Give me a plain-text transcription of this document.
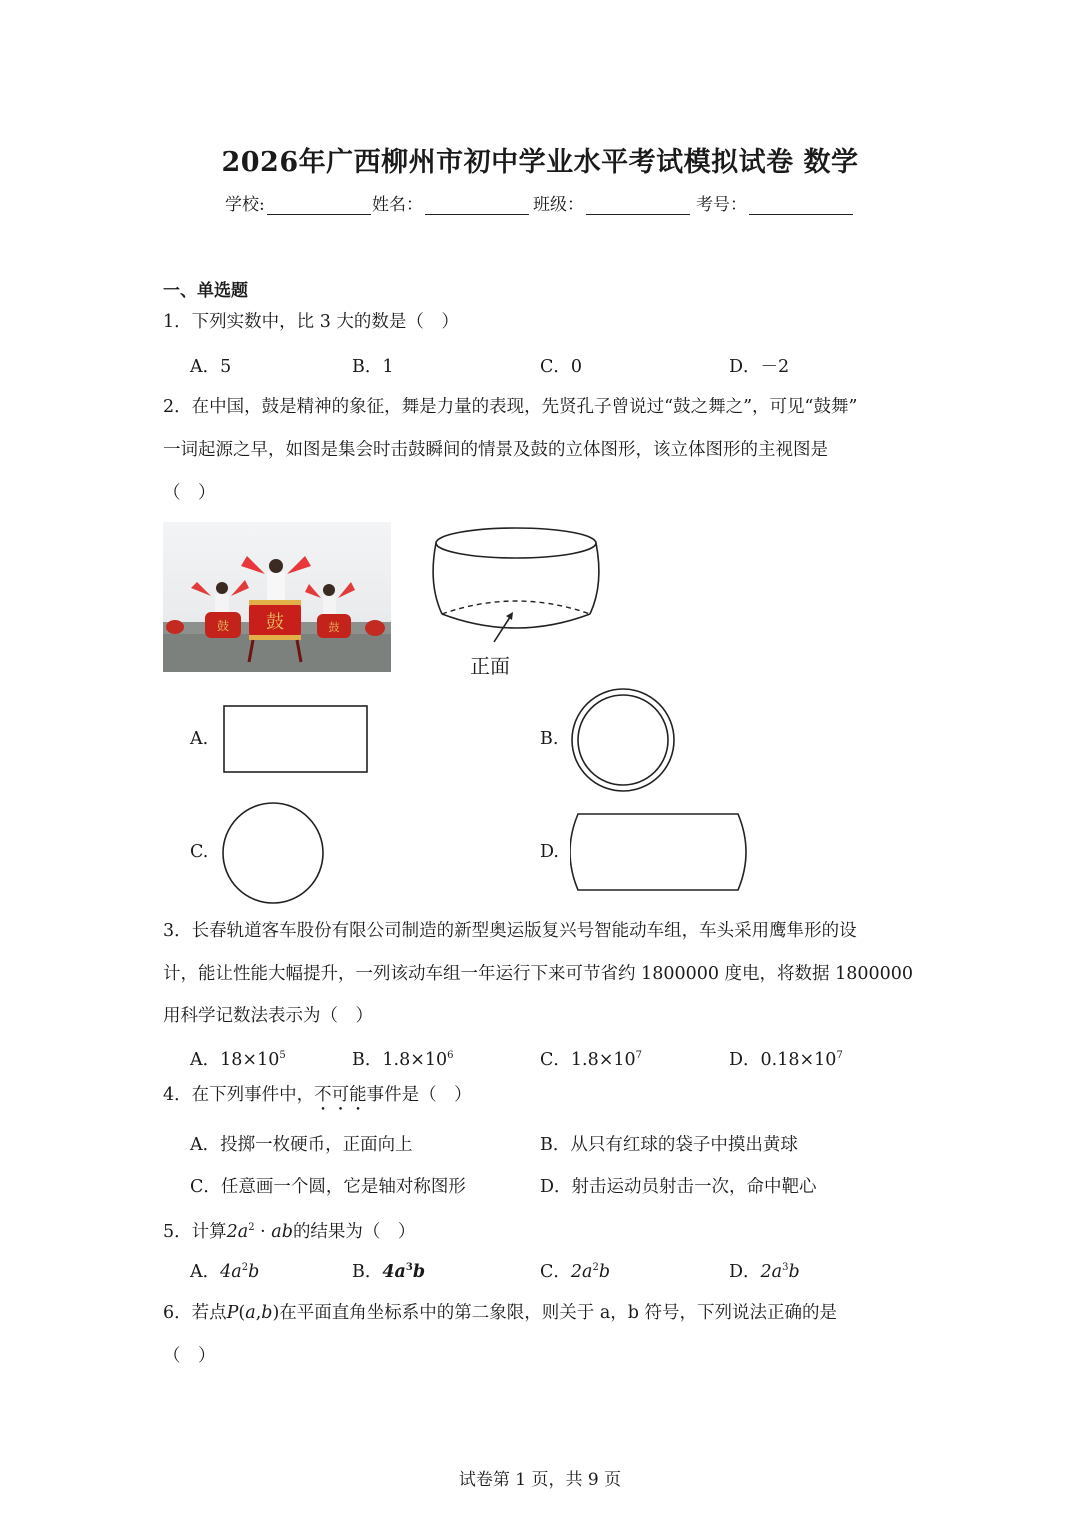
2026年广西柳州市初中学业水平考试模拟试卷 数学
学校:	姓名：	班级：	考号：
一、单选题
1．下列实数中，比 3 大的数是（　）
A．5	B．1	C．0	D．－2
2．在中国，鼓是精神的象征，舞是力量的表现，先贤孔子曾说过“鼓之舞之”，可见“鼓舞”
一词起源之早，如图是集会时击鼓瞬间的情景及鼓的立体图形，该立体图形的主视图是
（　）
鼓	鼓
鼓
正面
A.	B.
C.	D.
3．长春轨道客车股份有限公司制造的新型奥运版复兴号智能动车组，车头采用鹰隼形的设
计，能让性能大幅提升，一列该动车组一年运行下来可节省约 1800000 度电，将数据 1800000
用科学记数法表示为（　）
A．$18\times 10^5$	B．$1.8\times 10^6$	C．$1.8\times 10^7$	D．$0.18\times 10^7$
4．在下列事件中，不可能事件是（　）
A．投掷一枚硬币，正面向上	B．从只有红球的袋子中摸出黄球
C．任意画一个圆，它是轴对称图形	D．射击运动员射击一次，命中靶心
5．计算$2a^2$ · ab的结果为（　）
A．$4a^2b$	B．$4a^3b$	C．$2a^2b$	D．$2a^3b$
6．若点P(a,b)在平面直角坐标系中的第二象限，则关于 a，b 符号，下列说法正确的是
（　）
试卷第 1 页，共 9 页
